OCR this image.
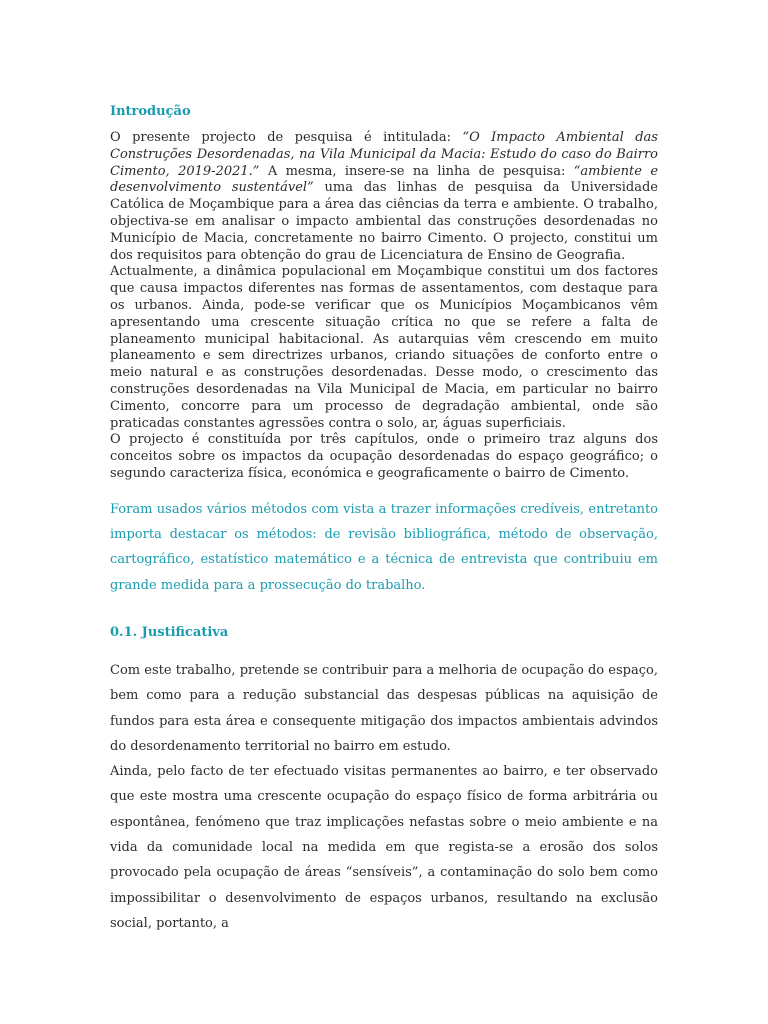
Introdução

O presente projecto de pesquisa é intitulada: “O Impacto Ambiental das Construções Desordenadas, na Vila Municipal da Macia: Estudo do caso do Bairro Cimento, 2019-2021.” A mesma, insere-se na linha de pesquisa: “ambiente e desenvolvimento sustentável” uma das linhas de pesquisa da Universidade Católica de Moçambique para a área das ciências da terra e ambiente. O trabalho, objectiva-se em analisar o impacto ambiental das construções desordenadas no Município de Macia, concretamente no bairro Cimento. O projecto, constitui um dos requisitos para obtenção do grau de Licenciatura de Ensino de Geografia.

Actualmente, a dinâmica populacional em Moçambique constitui um dos factores que causa impactos diferentes nas formas de assentamentos, com destaque para os urbanos. Ainda, pode-se verificar que os Municípios Moçambicanos vêm apresentando uma crescente situação crítica no que se refere a falta de planeamento municipal habitacional. As autarquias vêm crescendo em muito planeamento e sem directrizes urbanos, criando situações de conforto entre o meio natural e as construções desordenadas. Desse modo, o crescimento das construções desordenadas na Vila Municipal de Macia, em particular no bairro Cimento, concorre para um processo de degradação ambiental, onde são praticadas constantes agressões contra o solo, ar, águas superficiais.

O projecto é constituída por três capítulos, onde o primeiro traz alguns dos conceitos sobre os impactos da ocupação desordenadas do espaço geográfico; o segundo caracteriza física, económica e geograficamente o bairro de Cimento.

Foram usados vários métodos com vista a trazer informações credíveis, entretanto importa destacar os métodos: de revisão bibliográfica, método de observação, cartográfico, estatístico matemático e a técnica de entrevista que contribuiu em grande medida para a prossecução do trabalho.

0.1. Justificativa

Com este trabalho, pretende se contribuir para a melhoria de ocupação do espaço, bem como para a redução substancial das despesas públicas na aquisição de fundos para esta área e consequente mitigação dos impactos ambientais advindos do desordenamento territorial no bairro em estudo.

Ainda, pelo facto de ter efectuado visitas permanentes ao bairro, e ter observado que este mostra uma crescente ocupação do espaço físico de forma arbitrária ou espontânea, fenómeno que traz implicações nefastas sobre o meio ambiente e na vida da comunidade local na medida em que regista-se a erosão dos solos provocado pela ocupação de áreas “sensíveis”, a contaminação do solo bem como impossibilitar o desenvolvimento de espaços urbanos, resultando na exclusão social, portanto, a
